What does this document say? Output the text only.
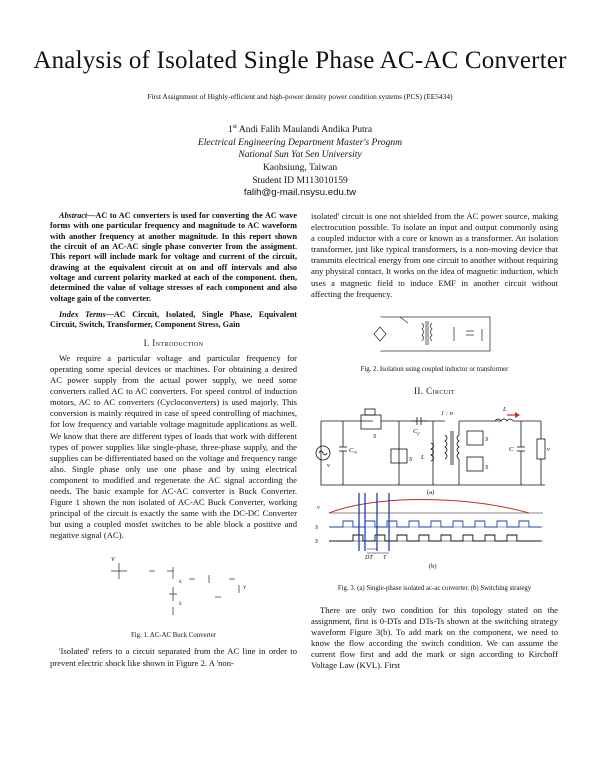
Analysis of Isolated Single Phase AC-AC Converter
First Assignment of Highly-efficient and high-power density power condition systems (PCS) (EE5434)
1st Andi Falih Maulandi Andika Putra
Electrical Engineering Department Master's Prognm
National Sun Yat Sen University
Kaohsiung, Taiwan
Student ID M113010159
falih@g-mail.nsysu.edu.tw

Abstract—AC to AC converters is used for converting the AC wave forms with one particular frequency and magnitude to AC waveform with another frequency at another magnitude. In this report shown the circuit of an AC-AC single phase converter from the assigment. This report will include mark for voltage and current of the circuit, drawing at the equivalent circuit at on and off intervals and also voltage and current polarity marked at each of the component. then, determined the value of voltage stresses of each component and also voltage gain of the converter.

Index Terms—AC Circuit, Isolated, Single Phase, Equivalent Circuit, Switch, Transformer, Component Stress, Gain

I. Introduction

We require a particular voltage and particular frequency for operating some special devices or machines. For obtaining a desired AC power supply from the actual power supply, we need some converters called AC to AC converters. For speed control of induction motors, AC to AC converters (Cycloconverters) is used majorly. This conversion is mainly required in case of speed controlling of machines, for low frequency and variable voltage magnitude applications as well. We know that there are different types of loads that work with different types of power supplies like single-phase, three-phase supply, and the supplies can be differentiated based on the voltage and frequency range also. Single phase only use one phase and by using electrical component to modified and regenerate the AC signal according the needs. The basic example for AC-AC converter is Buck Converter. Figure 1 shown the non isolated of AC-AC Buck Converter, working principal of the circuit is exactly the same with the DC-DC Converter but using a coupled mosfet switches to be able block a positive and negative signal (AC).

V
S
S
V
Fig. 1. AC-AC Buck Converter

'Isolated' refers to a circuit separated from the AC line in order to prevent electric shock like shown in Figure 2. A 'non-

isolated' circuit is one not shielded from the AC power source, making electrocution possible. To isolate an input and output commonly using a coupled inductor with a core or known as a transformer. An isolation transformer, just like typical transformers, is a non-moving device that transmits electrical energy from one circuit to another without requiring any physical contact. It works on the idea of magnetic induction, which uses a magnetic field to induce EMF in another circuit without affecting the frequency.

Fig. 2. Isolation using coupled inductor or transformer

II. Circuit

v
$C_{in}$
S
S
$C_p$
L
1 : n
S
S
L
C	v
(a)
v
S
S
DT T
(b)
Fig. 3. (a) Single-phase isolated ac-ac converter. (b) Switching strategy

There are only two condition for this topology stated on the assignment, first is 0-DTs and DTs-Ts shown at the switching strategy waveform Figure 3(b). To add mark on the component, we need to know the flow according the switch condition. We can assume the current flow first and add the mark or sign according to Kirchoff Voltage Law (KVL). First
